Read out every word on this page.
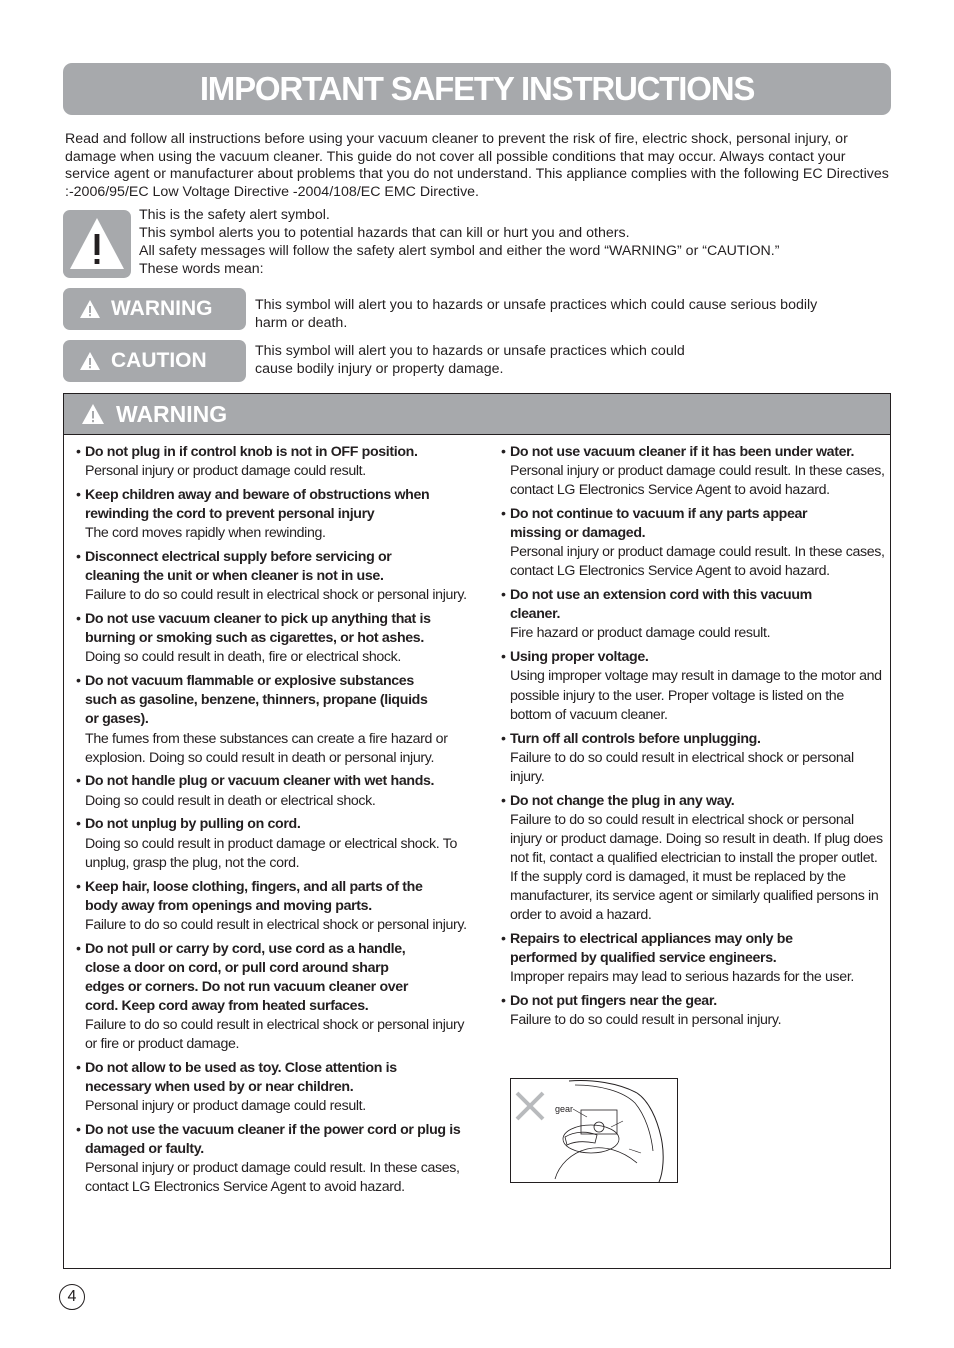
IMPORTANT SAFETY INSTRUCTIONS

Read and follow all instructions before using your vacuum cleaner to prevent the risk of fire, electric shock, personal injury, or damage when using the vacuum cleaner. This guide do not cover all possible conditions that may occur. Always contact your service agent or manufacturer about problems that you do not understand. This appliance complies with the following EC Directives :-2006/95/EC Low Voltage Directive -2004/108/EC EMC Directive.

This is the safety alert symbol.
This symbol alerts you to potential hazards that can kill or hurt you and others.
All safety messages will follow the safety alert symbol and either the word “WARNING” or “CAUTION.”
These words mean:
WARNING	This symbol will alert you to hazards or unsafe practices which could cause serious bodily harm or death.
CAUTION	This symbol will alert you to hazards or unsafe practices which could cause bodily injury or property damage.
WARNING
• Do not plug in if control knob is not in OFF position.
Personal injury or product damage could result.
• Keep children away and beware of obstructions when rewinding the cord to prevent personal injury
The cord moves rapidly when rewinding.
• Disconnect electrical supply before servicing or cleaning the unit or when cleaner is not in use.
Failure to do so could result in electrical shock or personal injury.
• Do not use vacuum cleaner to pick up anything that is burning or smoking such as cigarettes, or hot ashes.
Doing so could result in death, fire or electrical shock.
• Do not vacuum flammable or explosive substances such as gasoline, benzene, thinners, propane (liquids or gases).
The fumes from these substances can create a fire hazard or explosion. Doing so could result in death or personal injury.
• Do not handle plug or vacuum cleaner with wet hands.
Doing so could result in death or electrical shock.
• Do not unplug by pulling on cord.
Doing so could result in product damage or electrical shock. To unplug, grasp the plug, not the cord.
• Keep hair, loose clothing, fingers, and all parts of the body away from openings and moving parts.
Failure to do so could result in electrical shock or personal injury.
• Do not pull or carry by cord, use cord as a handle, close a door on cord, or pull cord around sharp edges or corners. Do not run vacuum cleaner over cord. Keep cord away from heated surfaces.
Failure to do so could result in electrical shock or personal injury or fire or product damage.
• Do not allow to be used as toy. Close attention is necessary when used by or near children.
Personal injury or product damage could result.
• Do not use the vacuum cleaner if the power cord or plug is damaged or faulty.
Personal injury or product damage could result. In these cases, contact LG Electronics Service Agent to avoid hazard.
• Do not use vacuum cleaner if it has been under water.
Personal injury or product damage could result. In these cases, contact LG Electronics Service Agent to avoid hazard.
• Do not continue to vacuum if any parts appear missing or damaged.
Personal injury or product damage could result. In these cases, contact LG Electronics Service Agent to avoid hazard.
• Do not use an extension cord with this vacuum cleaner.
Fire hazard or product damage could result.
• Using proper voltage.
Using improper voltage may result in damage to the motor and possible injury to the user. Proper voltage is listed on the bottom of vacuum cleaner.
• Turn off all controls before unplugging.
Failure to do so could result in electrical shock or personal injury.
• Do not change the plug in any way.
Failure to do so could result in electrical shock or personal injury or product damage. Doing so result in death. If plug does not fit, contact a qualified electrician to install the proper outlet.
If the supply cord is damaged, it must be replaced by the manufacturer, its service agent or similarly qualified persons in order to avoid a hazard.
• Repairs to electrical appliances may only be performed by qualified service engineers.
Improper repairs may lead to serious hazards for the user.
• Do not put fingers near the gear.
Failure to do so could result in personal injury.
gear
4
